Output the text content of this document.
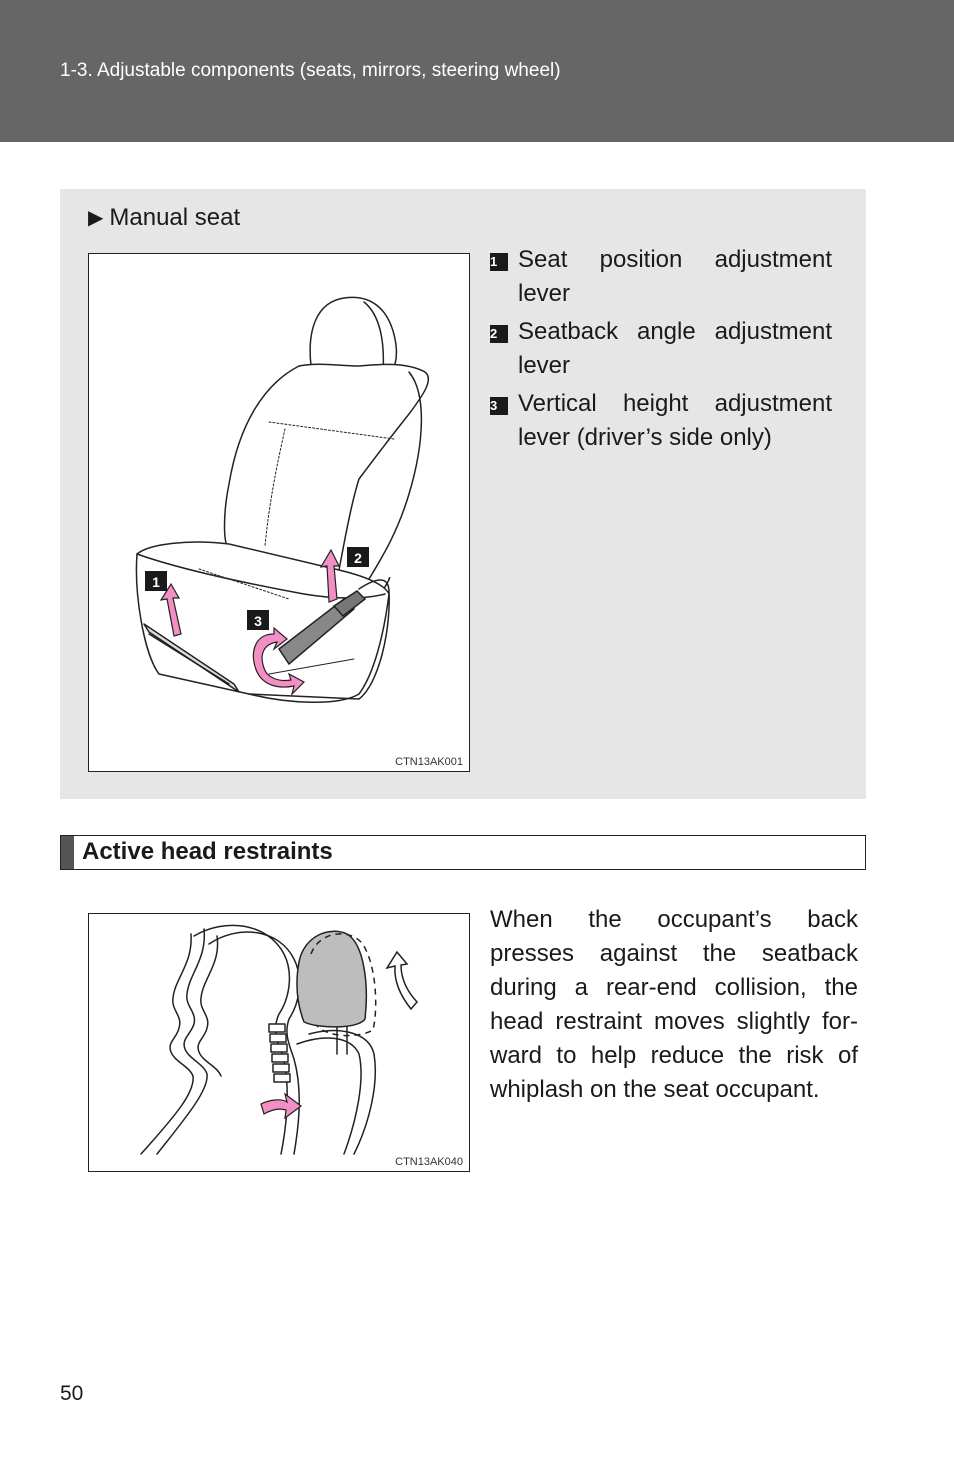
1-3. Adjustable components (seats, mirrors, steering wheel)
▶ Manual seat
1
2
3
CTN13AK001
1 Seat position adjustment lever
2 Seatback angle adjustment lever
3 Vertical height adjustment lever (driver’s side only)
Active head restraints
CTN13AK040
When the occupant’s back presses against the seatback during a rear-end collision, the head restraint moves slightly for-ward to help reduce the risk of whiplash on the seat occupant.
50
